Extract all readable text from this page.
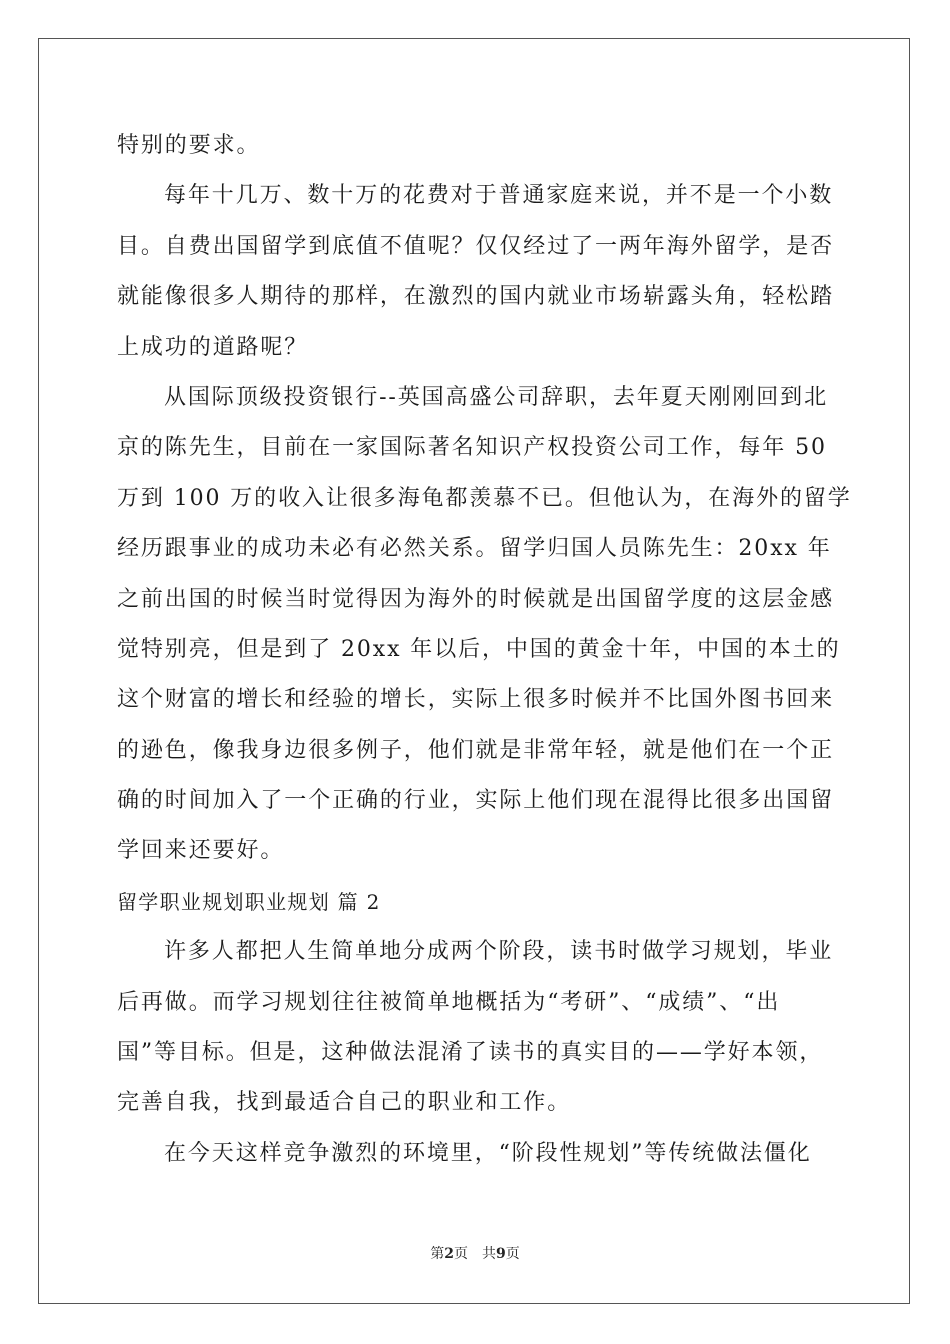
特别的要求。
每年十几万、数十万的花费对于普通家庭来说，并不是一个小数
目。自费出国留学到底值不值呢？仅仅经过了一两年海外留学，是否
就能像很多人期待的那样，在激烈的国内就业市场崭露头角，轻松踏
上成功的道路呢？
从国际顶级投资银行--英国高盛公司辞职，去年夏天刚刚回到北
京的陈先生，目前在一家国际著名知识产权投资公司工作，每年 50
万到 100 万的收入让很多海龟都羡慕不已。但他认为，在海外的留学
经历跟事业的成功未必有必然关系。留学归国人员陈先生：20xx 年
之前出国的时候当时觉得因为海外的时候就是出国留学度的这层金感
觉特别亮，但是到了 20xx 年以后，中国的黄金十年，中国的本土的
这个财富的增长和经验的增长，实际上很多时候并不比国外图书回来
的逊色，像我身边很多例子，他们就是非常年轻，就是他们在一个正
确的时间加入了一个正确的行业，实际上他们现在混得比很多出国留
学回来还要好。
留学职业规划职业规划 篇 2
许多人都把人生简单地分成两个阶段，读书时做学习规划，毕业
后再做。而学习规划往往被简单地概括为“考研”、“成绩”、“出
国”等目标。但是，这种做法混淆了读书的真实目的——学好本领，
完善自我，找到最适合自己的职业和工作。
在今天这样竞争激烈的环境里，“阶段性规划”等传统做法僵化
第2页 共9页
